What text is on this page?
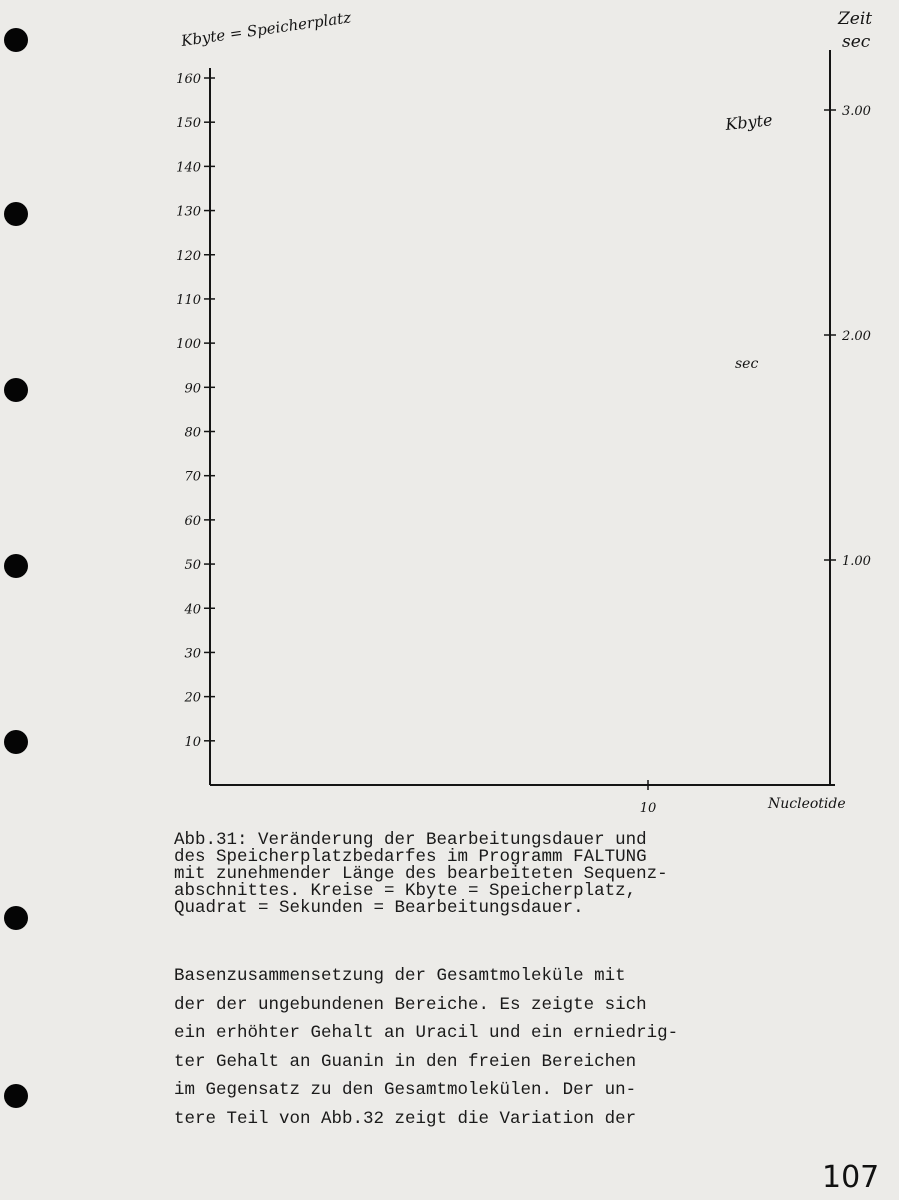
10
20
30
40
50
60
70
80
90
100
110
120
130
140
150
160
10
1.00
2.00
3.00
Kbyte = Speicherplatz	Zeit
sec
Nucleotide
Kbyte
sec
Abb.31: Veränderung der Bearbeitungsdauer und
des Speicherplatzbedarfes im Programm FALTUNG
mit zunehmender Länge des bearbeiteten Sequenz-
abschnittes. Kreise = Kbyte = Speicherplatz,
Quadrat = Sekunden = Bearbeitungsdauer.
Basenzusammensetzung der Gesamtmoleküle mit
der der ungebundenen Bereiche. Es zeigte sich
ein erhöhter Gehalt an Uracil und ein erniedrig-
ter Gehalt an Guanin in den freien Bereichen
im Gegensatz zu den Gesamtmolekülen. Der un-
tere Teil von Abb.32 zeigt die Variation der
107
